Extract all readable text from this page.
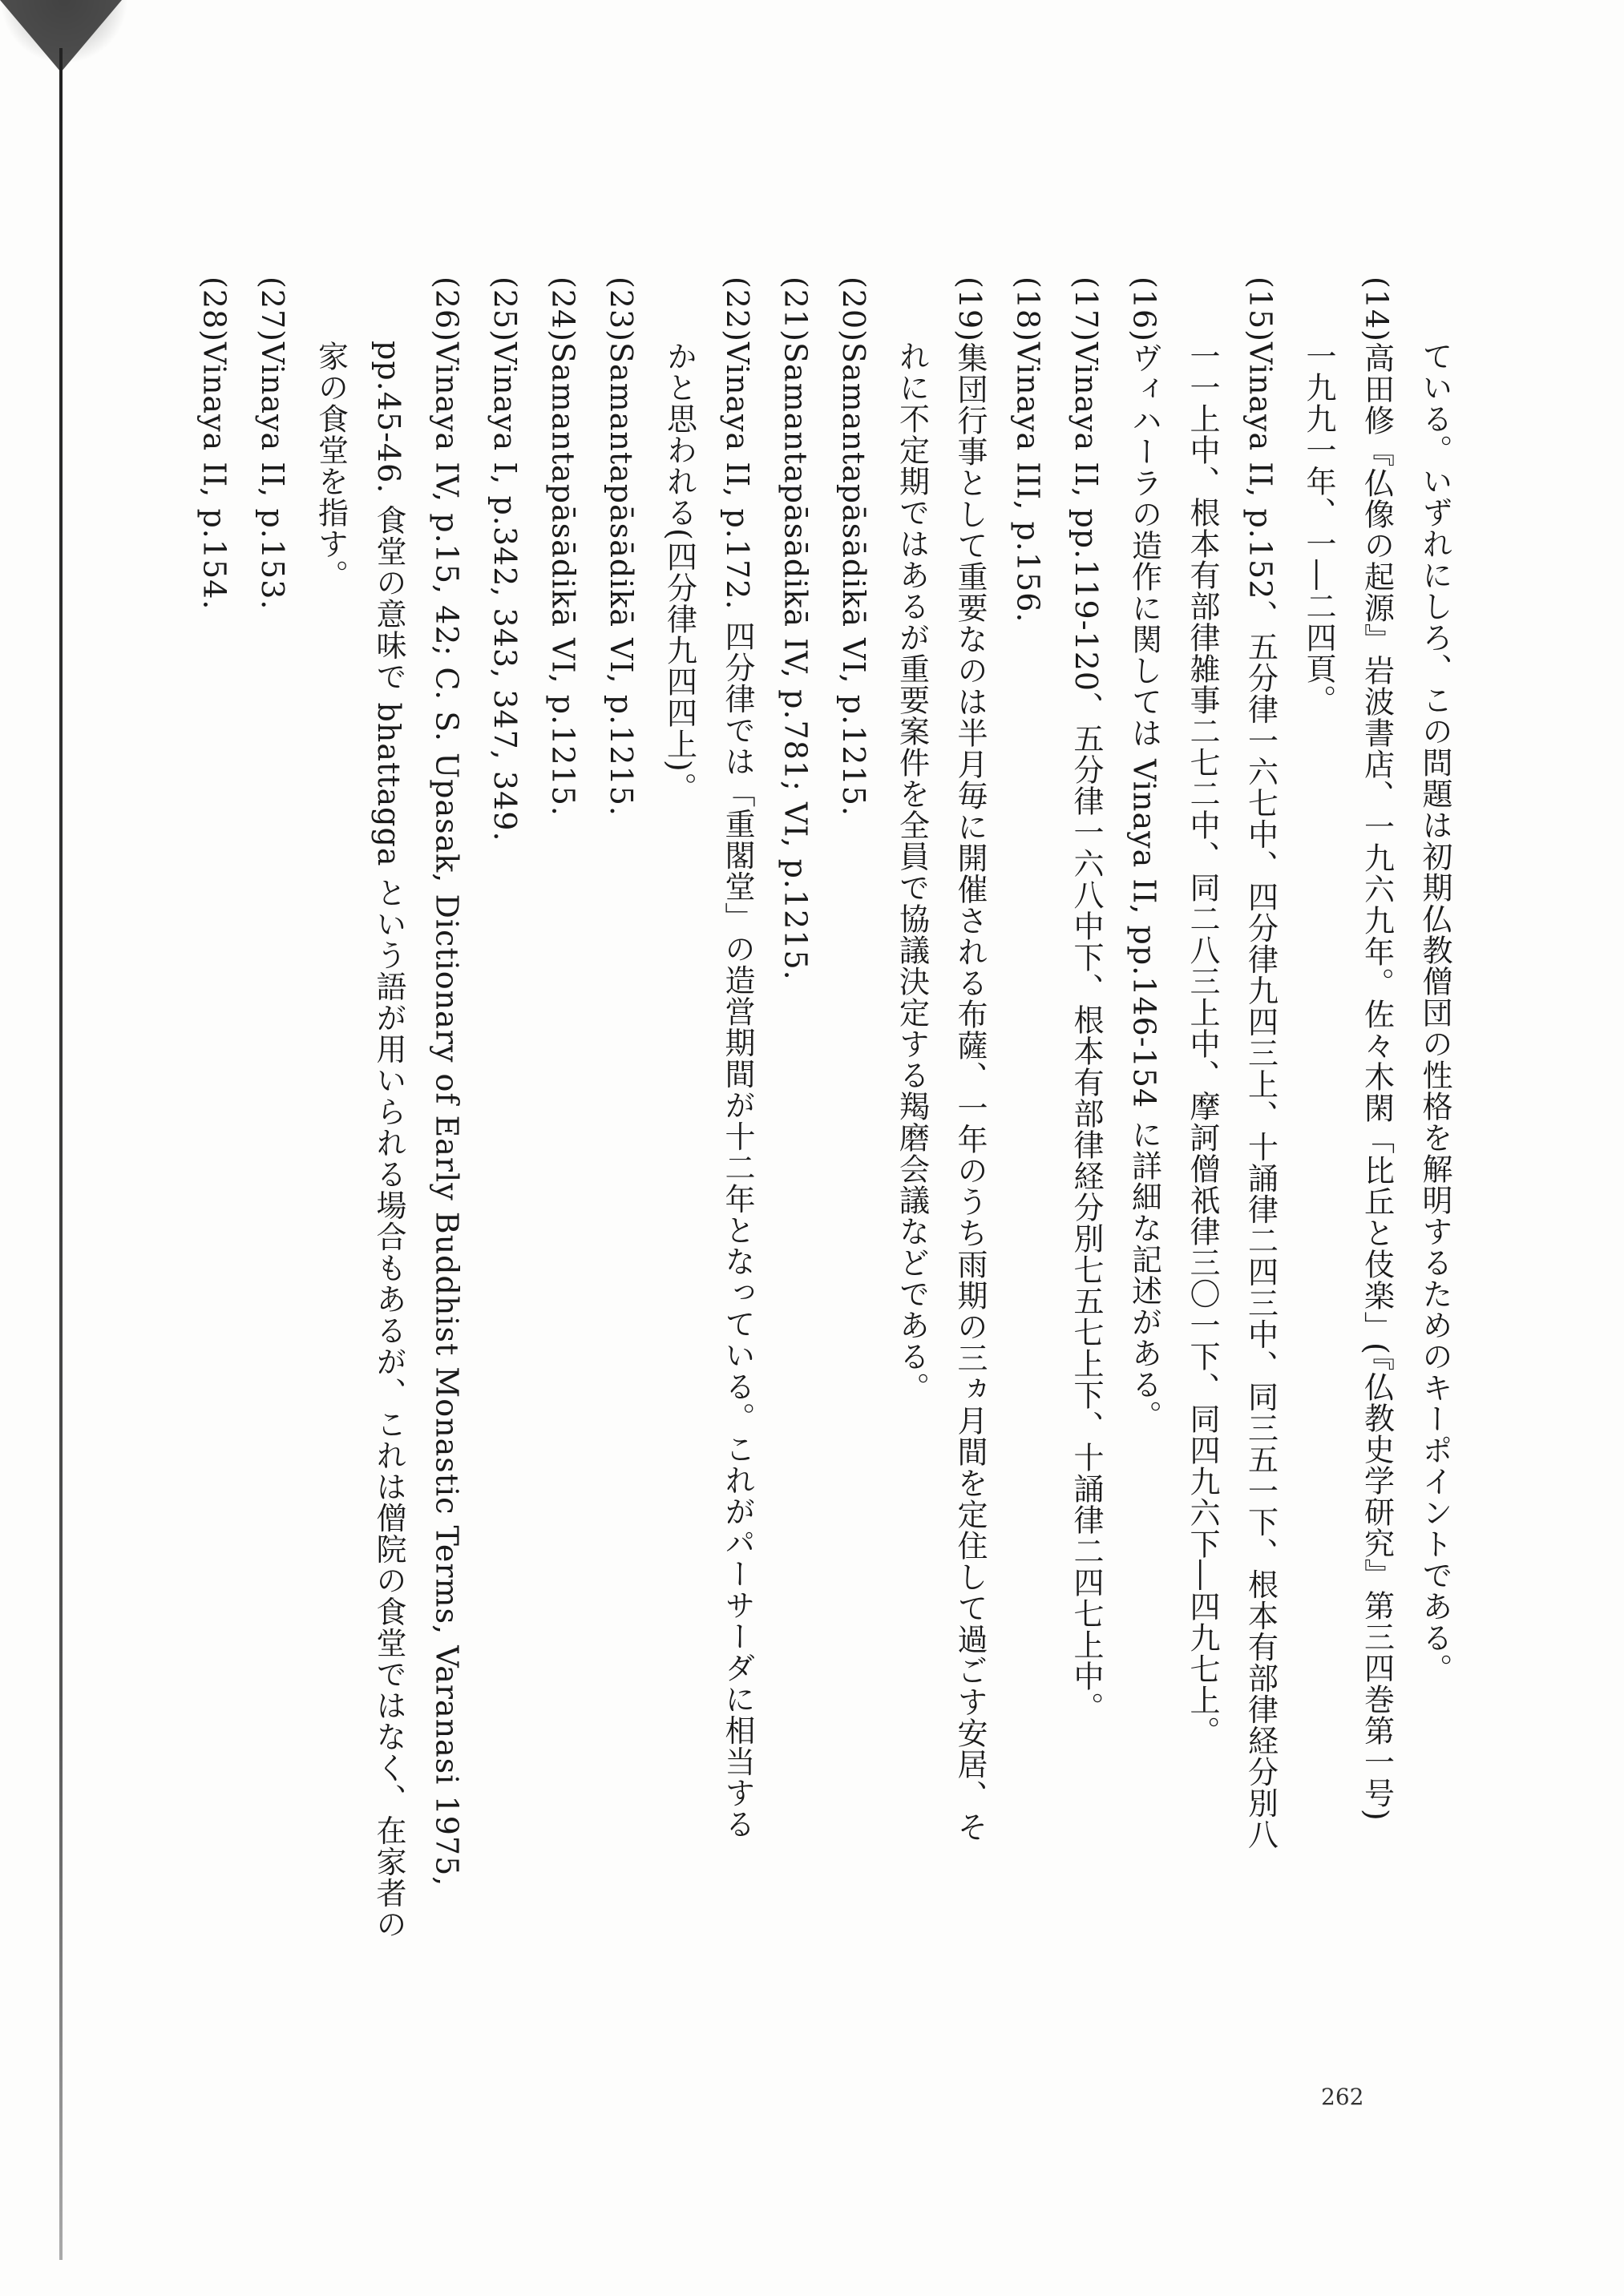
ている。いずれにしろ、この問題は初期仏教僧団の性格を解明するためのキーポイントである。
(14)高田修『仏像の起源』岩波書店、一九六九年。佐々木閑「比丘と伎楽」(『仏教史学研究』第三四巻第一号)
一九九一年、一―二四頁。
(15)Vinaya II, p.152、五分律一六七中、四分律九四三上、十誦律二四三中、同三五一下、根本有部律経分別八
一一上中、根本有部律雑事二七二中、同二八三上中、摩訶僧祇律三〇一下、同四九六下―四九七上。
(16)ヴィハーラの造作に関しては Vinaya II, pp.146-154 に詳細な記述がある。
(17)Vinaya II, pp.119-120、五分律一六八中下、根本有部律経分別七五七上下、十誦律二四七上中。
(18)Vinaya III, p.156.
(19)集団行事として重要なのは半月毎に開催される布薩、一年のうち雨期の三ヵ月間を定住して過ごす安居、そ
れに不定期ではあるが重要案件を全員で協議決定する羯磨会議などである。
(20)Samantapāsādikā VI, p.1215.
(21)Samantapāsādikā IV, p.781; VI, p.1215.
(22)Vinaya II, p.172. 四分律では「重閣堂」の造営期間が十二年となっている。これがパーサーダに相当する
かと思われる(四分律九四四上)。
(23)Samantapāsādikā VI, p.1215.
(24)Samantapāsādikā VI, p.1215.
(25)Vinaya I, p.342, 343, 347, 349.
(26)Vinaya IV, p.15, 42; C. S. Upasak, Dictionary of Early Buddhist Monastic Terms, Varanasi 1975,
pp.45-46. 食堂の意味で bhattagga という語が用いられる場合もあるが、これは僧院の食堂ではなく、在家者の
家の食堂を指す。
(27)Vinaya II, p.153.
(28)Vinaya II, p.154.
262
